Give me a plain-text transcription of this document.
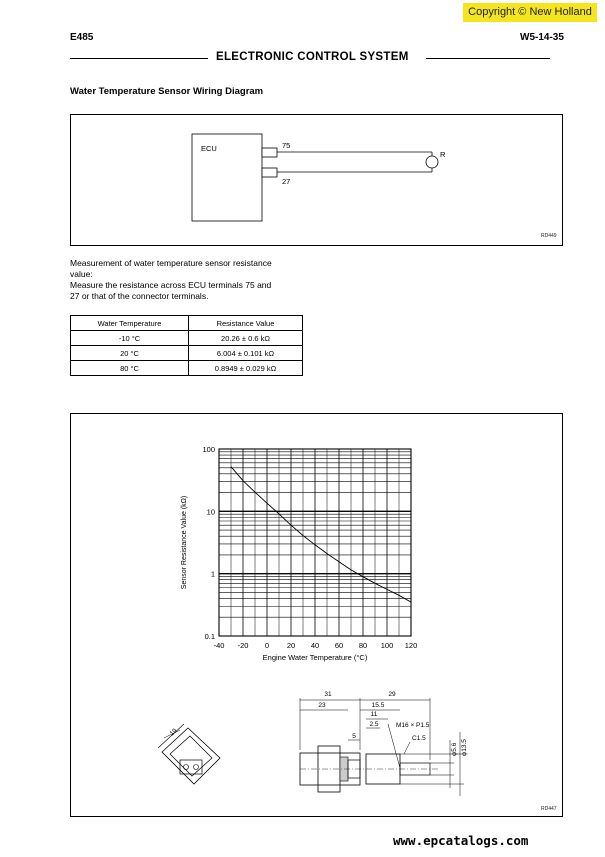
Copyright © New Holland
E485	W5-14-35
ELECTRONIC CONTROL SYSTEM
Water Temperature Sensor Wiring Diagram
ECU	75
27
R
RD449
Measurement of water temperature sensor resistance
value:
Measure the resistance across ECU terminals 75 and
27 or that of the connector terminals.
Water Temperature	Resistance Value
-10 °C	20.26 ± 0.6 kΩ
20 °C	6.004 ± 0.101 kΩ
80 °C	0.8949 ± 0.029 kΩ
RD447
-40 -20 0 20 40 60 80 100 120
100
10
1
0.1
Engine Water Temperature (°C)
Sensor Resistance Value (kΩ)
31	29
23	15.5
11
2.5
5
M16 × P1.5
C1.5
φ5.6 φ13.5
19
www.epcatalogs.com
